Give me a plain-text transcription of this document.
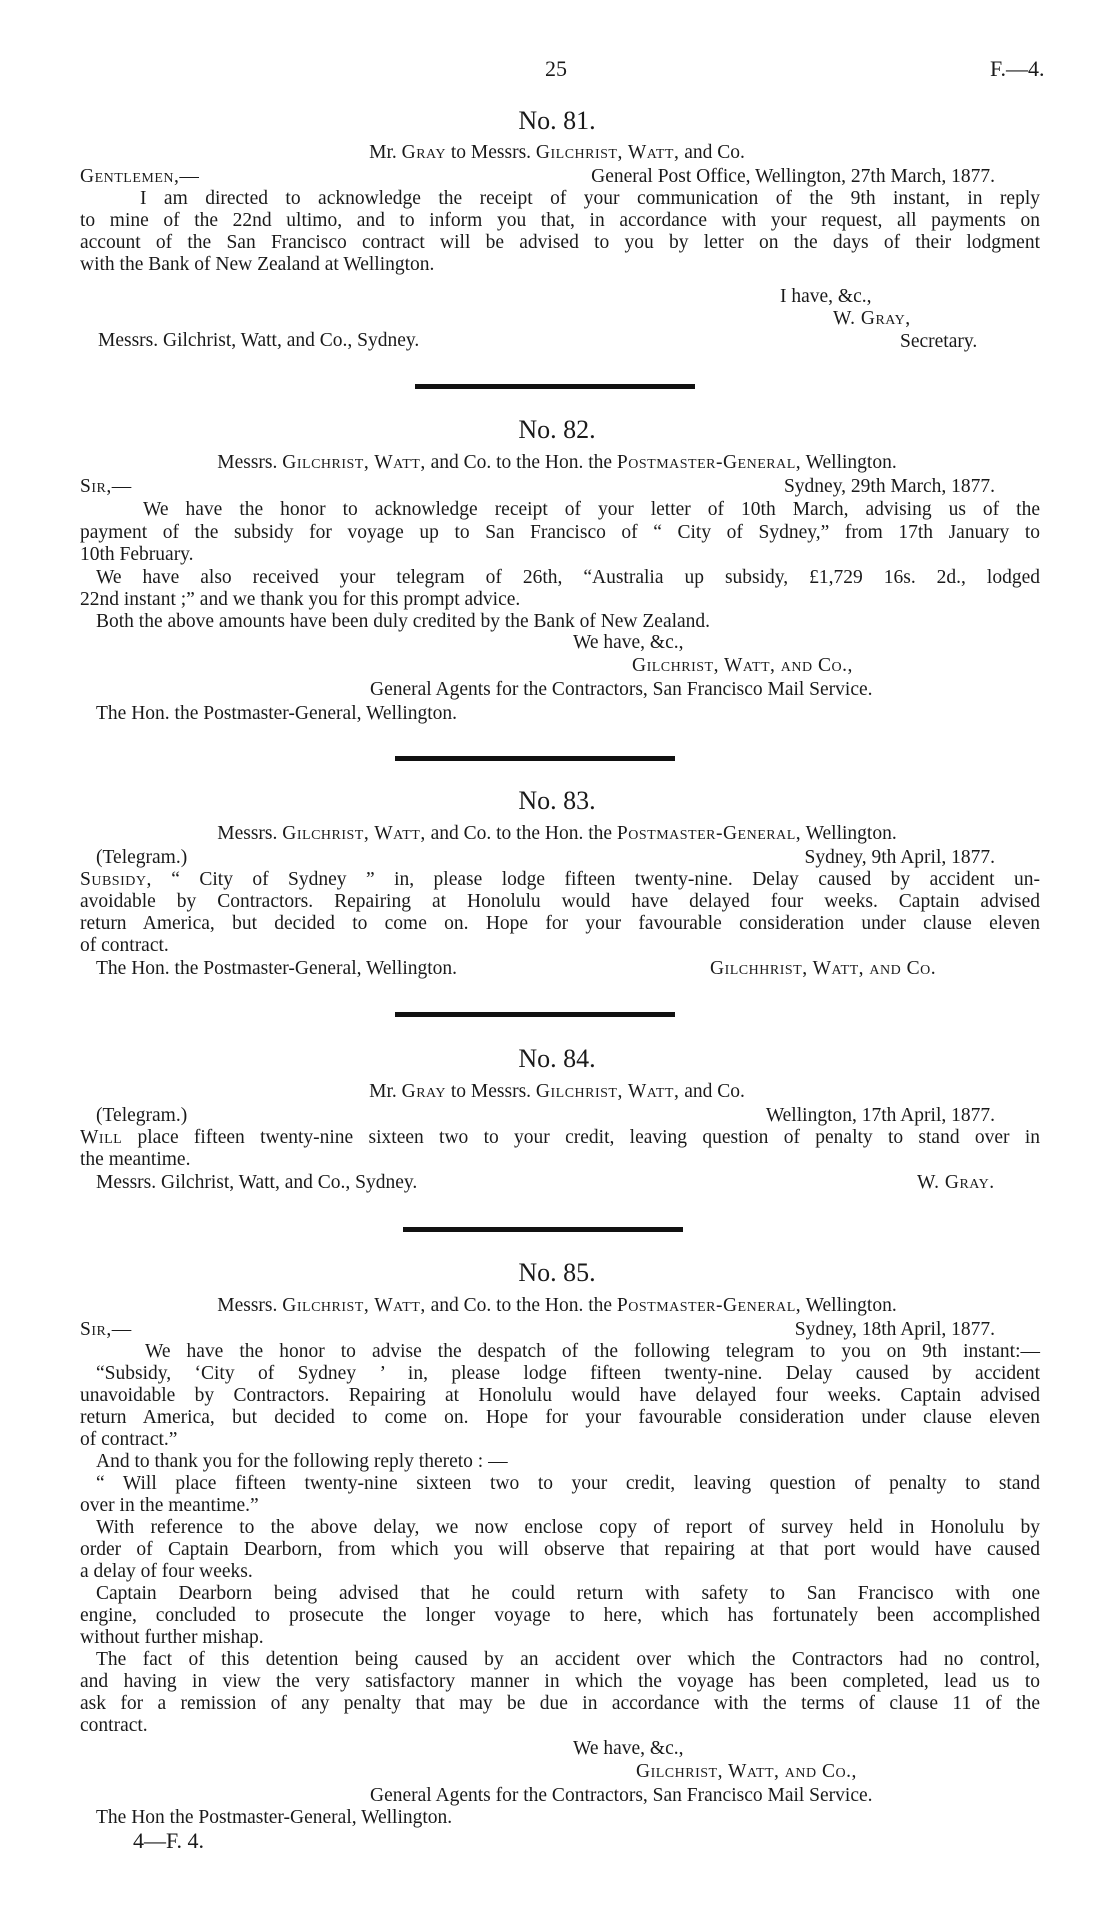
25	F.—4.
No. 81.
Mr. Gray to Messrs. Gilchrist, Watt, and Co.
Gentlemen,—	General Post Office, Wellington, 27th March, 1877.
I am directed to acknowledge the receipt of your communication of the 9th instant, in reply
to mine of the 22nd ultimo, and to inform you that, in accordance with your request, all payments on
account of the San Francisco contract will be advised to you by letter on the days of their lodgment
with the Bank of New Zealand at Wellington.
I have, &c.,
W. Gray,
Messrs. Gilchrist, Watt, and Co., Sydney.	Secretary.
No. 82.
Messrs. Gilchrist, Watt, and Co. to the Hon. the Postmaster-General, Wellington.
Sir,—	Sydney, 29th March, 1877.
We have the honor to acknowledge receipt of your letter of 10th March, advising us of the
payment of the subsidy for voyage up to San Francisco of “ City of Sydney,” from 17th January to
10th February.
We have also received your telegram of 26th, “Australia up subsidy, £1,729 16s. 2d., lodged
22nd instant ;” and we thank you for this prompt advice.
Both the above amounts have been duly credited by the Bank of New Zealand.
We have, &c.,
Gilchrist, Watt, and Co.,
General Agents for the Contractors, San Francisco Mail Service.
The Hon. the Postmaster-General, Wellington.
No. 83.
Messrs. Gilchrist, Watt, and Co. to the Hon. the Postmaster-General, Wellington.
(Telegram.)	Sydney, 9th April, 1877.
Subsidy, “ City of Sydney ” in, please lodge fifteen twenty-nine. Delay caused by accident un-
avoidable by Contractors. Repairing at Honolulu would have delayed four weeks. Captain advised
return America, but decided to come on. Hope for your favourable consideration under clause eleven
of contract.
The Hon. the Postmaster-General, Wellington.	Gilchhrist, Watt, and Co.
No. 84.
Mr. Gray to Messrs. Gilchrist, Watt, and Co.
(Telegram.)	Wellington, 17th April, 1877.
Will place fifteen twenty-nine sixteen two to your credit, leaving question of penalty to stand over in
the meantime.
Messrs. Gilchrist, Watt, and Co., Sydney.	W. Gray.
No. 85.
Messrs. Gilchrist, Watt, and Co. to the Hon. the Postmaster-General, Wellington.
Sir,—	Sydney, 18th April, 1877.
We have the honor to advise the despatch of the following telegram to you on 9th instant:—
“Subsidy, ‘City of Sydney ’ in, please lodge fifteen twenty-nine. Delay caused by accident
unavoidable by Contractors. Repairing at Honolulu would have delayed four weeks. Captain advised
return America, but decided to come on. Hope for your favourable consideration under clause eleven
of contract.”
And to thank you for the following reply thereto : —
“ Will place fifteen twenty-nine sixteen two to your credit, leaving question of penalty to stand
over in the meantime.”
With reference to the above delay, we now enclose copy of report of survey held in Honolulu by
order of Captain Dearborn, from which you will observe that repairing at that port would have caused
a delay of four weeks.
Captain Dearborn being advised that he could return with safety to San Francisco with one
engine, concluded to prosecute the longer voyage to here, which has fortunately been accomplished
without further mishap.
The fact of this detention being caused by an accident over which the Contractors had no control,
and having in view the very satisfactory manner in which the voyage has been completed, lead us to
ask for a remission of any penalty that may be due in accordance with the terms of clause 11 of the
contract.
We have, &c.,
Gilchrist, Watt, and Co.,
General Agents for the Contractors, San Francisco Mail Service.
The Hon the Postmaster-General, Wellington.
4—F. 4.
